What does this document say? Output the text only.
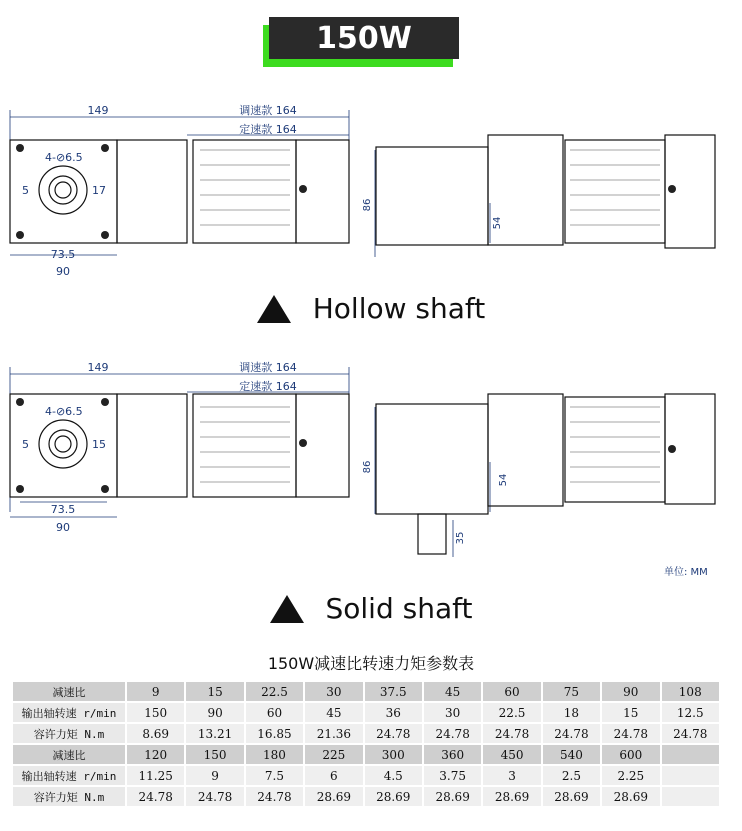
150W
149	调速款 164
定速款 164
4-⊘6.5
5	17
73.5
90
86
54
Hollow shaft
149	调速款 164
定速款 164
4-⊘6.5
5	15
73.5
90
86
54
35
单位: MM
Solid shaft
150W减速比转速力矩参数表
减速比	9	15	22.5	30	37.5	45	60	75	90	108
输出轴转速 r/min	150	90	60	45	36	30	22.5	18	15	12.5
容许力矩 N.m	8.69	13.21	16.85	21.36	24.78	24.78	24.78	24.78	24.78	24.78
减速比	120	150	180	225	300	360	450	540	600	
输出轴转速 r/min	11.25	9	7.5	6	4.5	3.75	3	2.5	2.25	
容许力矩 N.m	24.78	24.78	24.78	28.69	28.69	28.69	28.69	28.69	28.69	
